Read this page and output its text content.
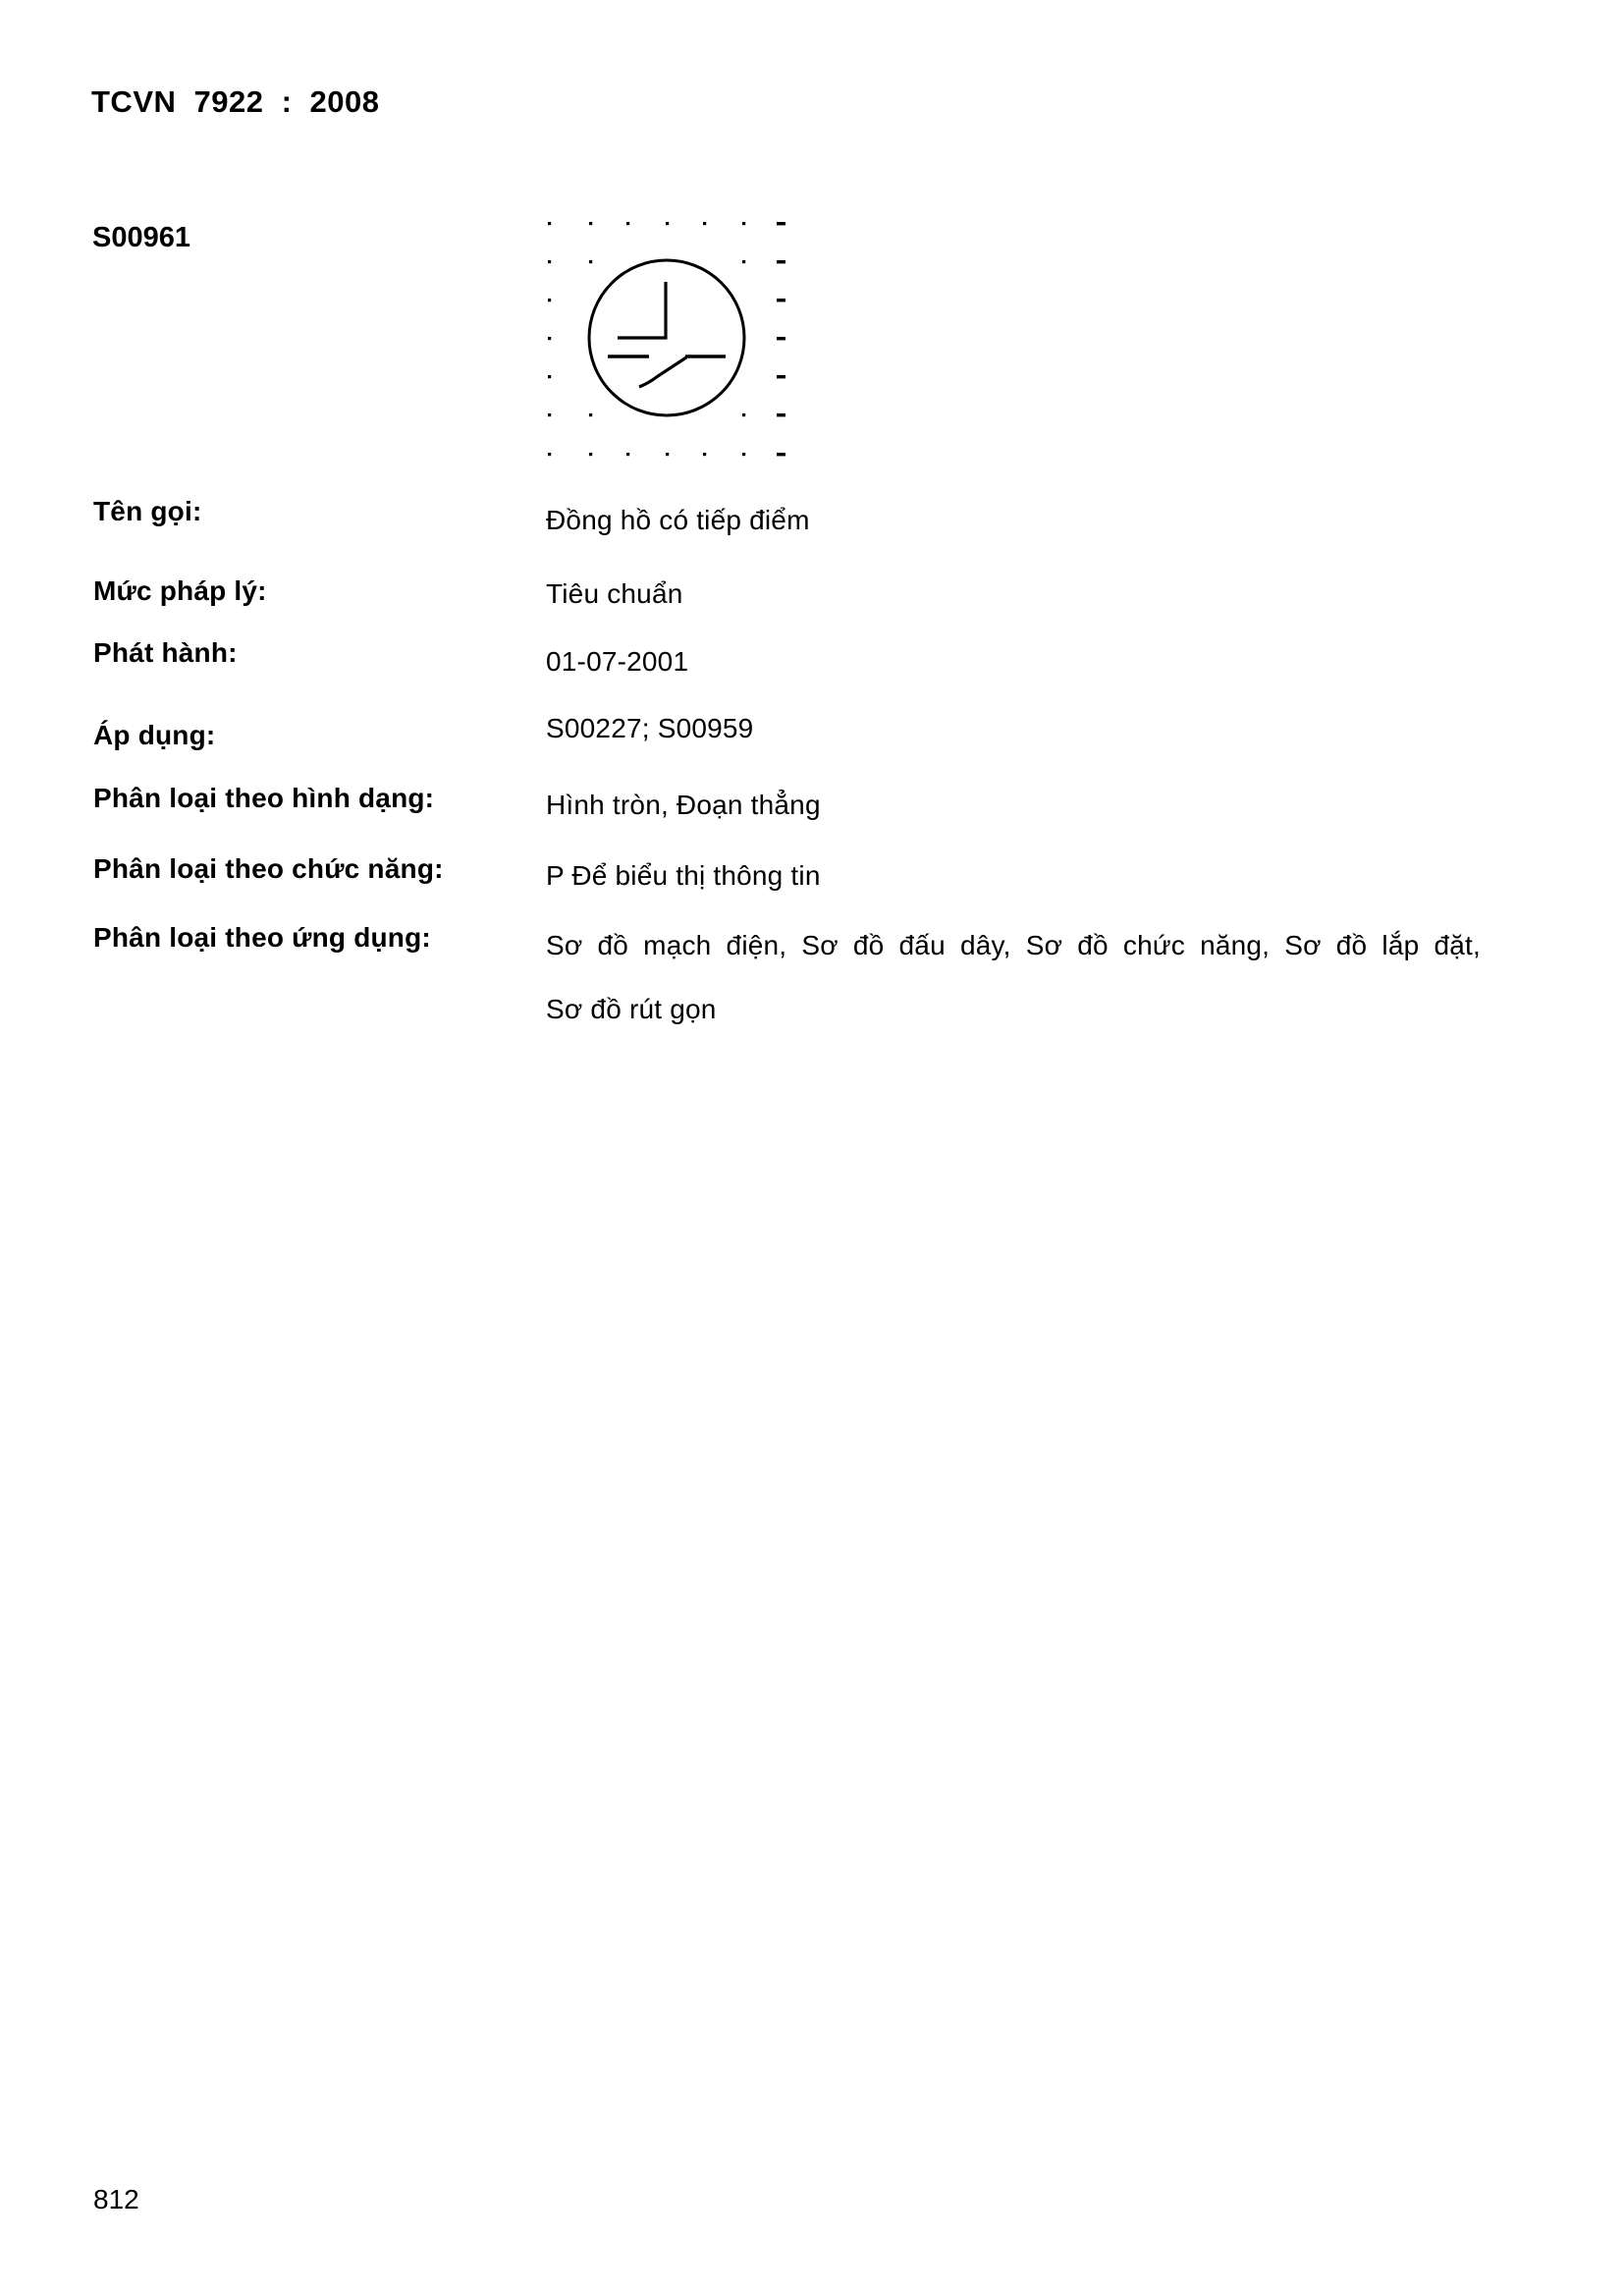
TCVN 7922 : 2008
S00961
Tên gọi:	Đồng hồ có tiếp điểm
Mức pháp lý:	Tiêu chuẩn
Phát hành:	01-07-2001
Áp dụng:	S00227; S00959
Phân loại theo hình dạng:	Hình tròn, Đoạn thẳng
Phân loại theo chức năng:	P Để biểu thị thông tin
Phân loại theo ứng dụng:	Sơ đồ mạch điện, Sơ đồ đấu dây, Sơ đồ chức năng, Sơ đồ lắp đặt,
Sơ đồ rút gọn
812
